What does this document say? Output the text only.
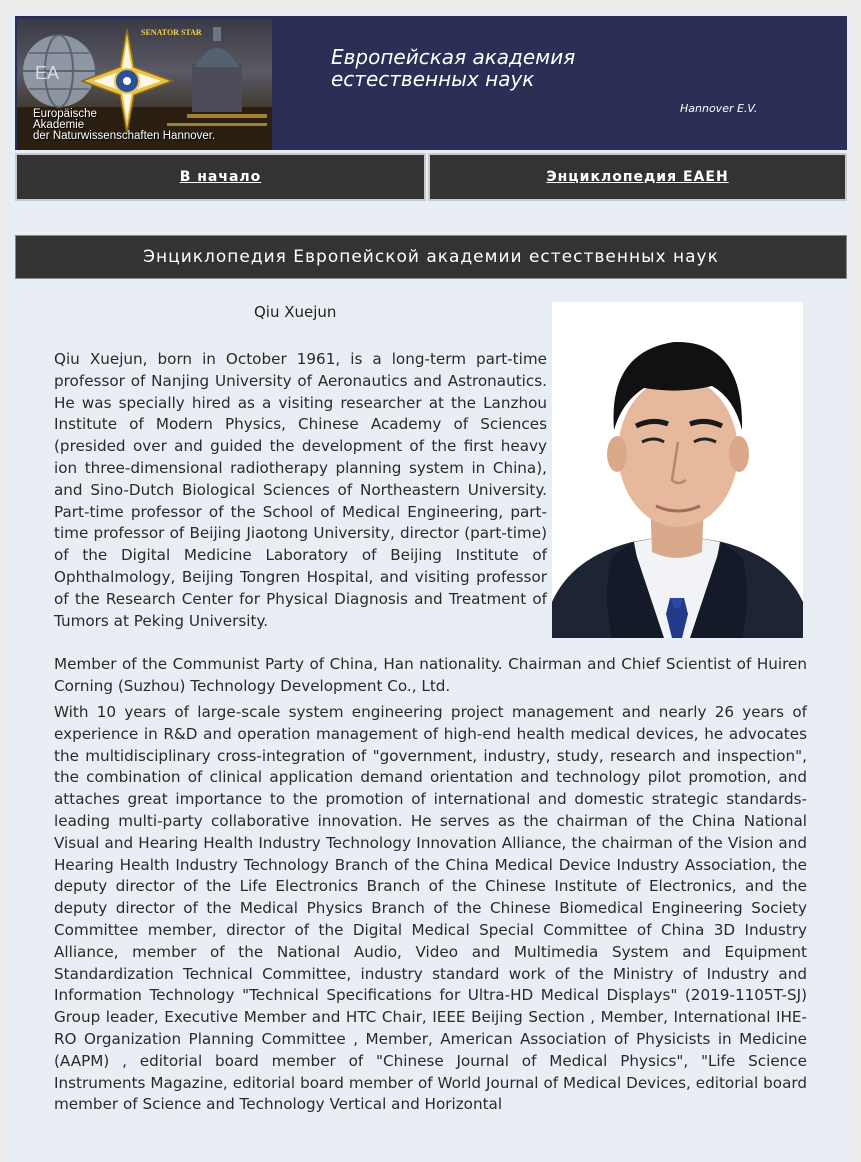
EA
SENATOR STAR
Europäische
Akademie
der Naturwissenschaften Hannover.
Европейская академия
естественных наук
Hannover E.V.
В начало	Энциклопедия ЕАЕН
Энциклопедия Европейской академии естественных наук
Qiu Xuejun

Qiu Xuejun, born in October 1961, is a long-term part-time professor of Nanjing University of Aeronautics and Astronautics. He was specially hired as a visiting researcher at the Lanzhou Institute of Modern Physics, Chinese Academy of Sciences (presided over and guided the development of the first heavy ion three-dimensional radiotherapy planning system in China), and Sino-Dutch Biological Sciences of Northeastern University. Part-time professor of the School of Medical Engineering, part-time professor of Beijing Jiaotong University, director (part-time) of the Digital Medicine Laboratory of Beijing Institute of Ophthalmology, Beijing Tongren Hospital, and visiting professor of the Research Center for Physical Diagnosis and Treatment of Tumors at Peking University.

Member of the Communist Party of China, Han nationality. Chairman and Chief Scientist of Huiren Corning (Suzhou) Technology Development Co., Ltd.

With 10 years of large-scale system engineering project management and nearly 26 years of experience in R&D and operation management of high-end health medical devices, he advocates the multidisciplinary cross-integration of "government, industry, study, research and inspection", the combination of clinical application demand orientation and technology pilot promotion, and attaches great importance to the promotion of international and domestic strategic standards-leading multi-party collaborative innovation. He serves as the chairman of the China National Visual and Hearing Health Industry Technology Innovation Alliance, the chairman of the Vision and Hearing Health Industry Technology Branch of the China Medical Device Industry Association, the deputy director of the Life Electronics Branch of the Chinese Institute of Electronics, and the deputy director of the Medical Physics Branch of the Chinese Biomedical Engineering Society Committee member, director of the Digital Medical Special Committee of China 3D Industry Alliance, member of the National Audio, Video and Multimedia System and Equipment Standardization Technical Committee, industry standard work of the Ministry of Industry and Information Technology "Technical Specifications for Ultra-HD Medical Displays" (2019-1105T-SJ) Group leader, Executive Member and HTC Chair, IEEE Beijing Section , Member, International IHE-RO Organization Planning Committee , Member, American Association of Physicists in Medicine (AAPM) , editorial board member of "Chinese Journal of Medical Physics", "Life Science Instruments Magazine, editorial board member of World Journal of Medical Devices, editorial board member of Science and Technology Vertical and Horizontal
